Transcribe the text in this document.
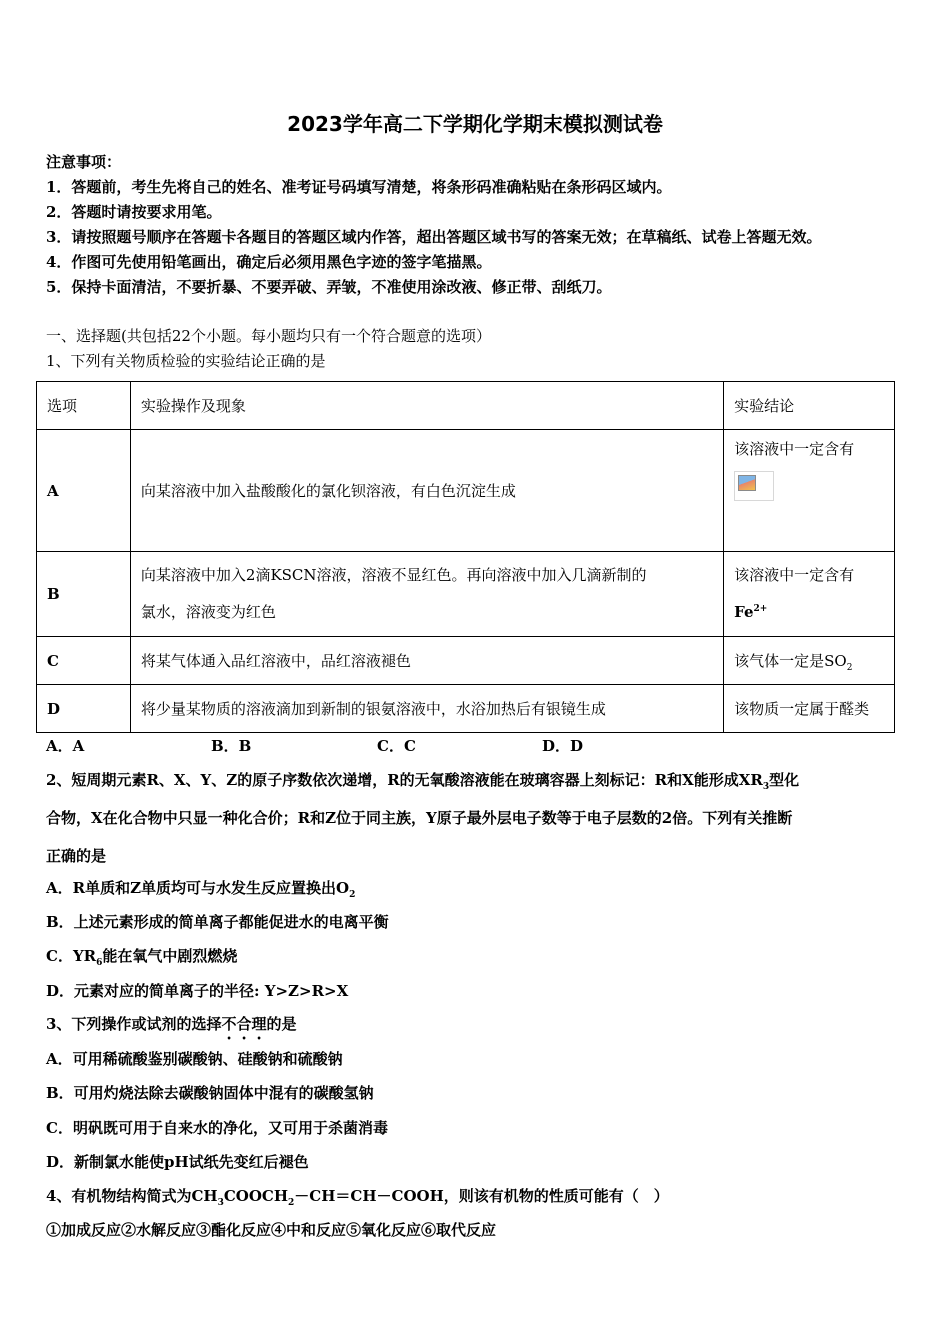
2023学年高二下学期化学期末模拟测试卷
注意事项：
1．答题前，考生先将自己的姓名、准考证号码填写清楚，将条形码准确粘贴在条形码区域内。
2．答题时请按要求用笔。
3．请按照题号顺序在答题卡各题目的答题区域内作答，超出答题区域书写的答案无效；在草稿纸、试卷上答题无效。
4．作图可先使用铅笔画出，确定后必须用黑色字迹的签字笔描黑。
5．保持卡面清洁，不要折暴、不要弄破、弄皱，不准使用涂改液、修正带、刮纸刀。
一、选择题(共包括22个小题。每小题均只有一个符合题意的选项）
1、下列有关物质检验的实验结论正确的是
选项	实验操作及现象	实验结论
A	向某溶液中加入盐酸酸化的氯化钡溶液，有白色沉淀生成	该溶液中一定含有

B	向某溶液中加入2滴KSCN溶液，溶液不显红色。再向溶液中加入几滴新制的
氯水，溶液变为红色	该溶液中一定含有
$Fe^{2+}$
C	将某气体通入品红溶液中，品红溶液褪色	该气体一定是$SO_2$
D	将少量某物质的溶液滴加到新制的银氨溶液中，水浴加热后有银镜生成	该物质一定属于醛类
A．A	B．B	C．C	D．D
2、短周期元素R、X、Y、Z的原子序数依次递增，R的无氧酸溶液能在玻璃容器上刻标记：R和X能形成$XR_3$型化
合物，X在化合物中只显一种化合价；R和Z位于同主族，Y原子最外层电子数等于电子层数的2倍。下列有关推断
正确的是
A．R单质和Z单质均可与水发生反应置换出$O_2$
B．上述元素形成的简单离子都能促进水的电离平衡
C．$YR_6$能在氧气中剧烈燃烧
D．元素对应的简单离子的半径: Y>Z>R>X
3、下列操作或试剂的选择不合理的是
A．可用稀硫酸鉴别碳酸钠、硅酸钠和硫酸钠
B．可用灼烧法除去碳酸钠固体中混有的碳酸氢钠
C．明矾既可用于自来水的净化，又可用于杀菌消毒
D．新制氯水能使pH试纸先变红后褪色
4、有机物结构简式为$CH_3COOCH_2-CH=CH-COOH$，则该有机物的性质可能有（　）
①加成反应②水解反应③酯化反应④中和反应⑤氧化反应⑥取代反应
